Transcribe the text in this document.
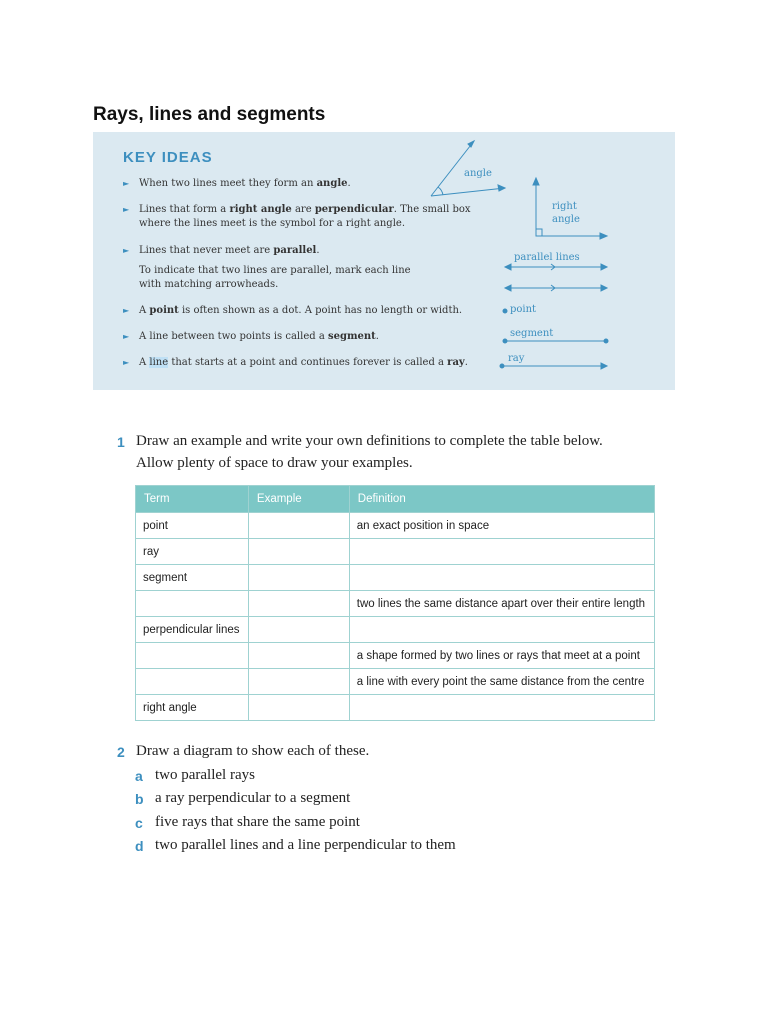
Rays, lines and segments
KEY IDEAS
► When two lines meet they form an angle.
► Lines that form a right angle are perpendicular. The small box where the lines meet is the symbol for a right angle.
► Lines that never meet are parallel.
To indicate that two lines are parallel, mark each line with matching arrowheads.
► A point is often shown as a dot. A point has no length or width.
► A line between two points is called a segment.
► A line that starts at a point and continues forever is called a ray.
angle
right
angle
parallel lines
point
segment
ray
1 Draw an example and write your own definitions to complete the table below.
Allow plenty of space to draw your examples.
Term	Example	Definition
point		an exact position in space
ray		
segment		
		two lines the same distance apart over their entire length
perpendicular lines		
		a shape formed by two lines or rays that meet at a point
		a line with every point the same distance from the centre
right angle		
2 Draw a diagram to show each of these.
a two parallel rays
b a ray perpendicular to a segment
c five rays that share the same point
d two parallel lines and a line perpendicular to them
